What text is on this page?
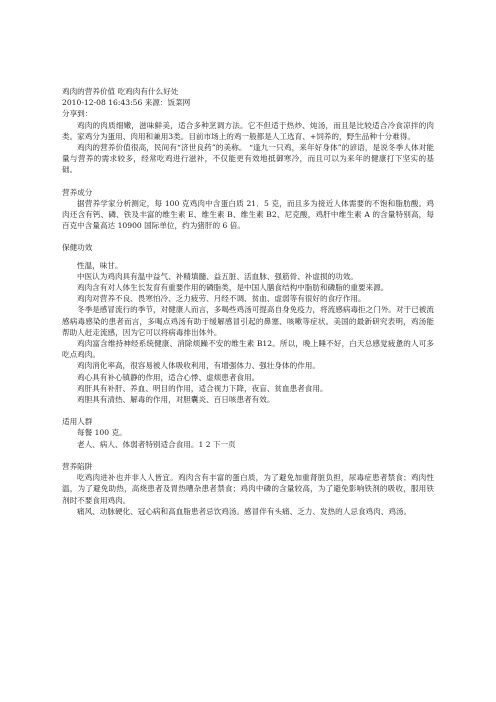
鸡肉的营养价值 吃鸡肉有什么好处

2010-12-08 16:43:56 来源：饭菜网

分享到：

鸡肉的肉质细嫩，滋味鲜美，适合多种烹调方法。它不但适于热炒、炖汤，而且是比较适合冷食凉拌的肉类。家鸡分为蛋用、肉用和兼用3类。目前市场上的鸡一般都是人工选育、+饲养的，野生品种十分难得。

鸡肉的营养价值很高，民间有“济世良药”的美称。 “逢九一只鸡，来年好身体”的谚语，是说冬季人体对能量与营养的需求较多，经常吃鸡进行滋补，不仅能更有效地抵御寒冷，而且可以为来年的健康打下坚实的基础。

营养成分

据营养学家分析测定，每 100 克鸡肉中含蛋白质 21．5 克，而且多为接近人体需要的不饱和脂肪酸。鸡肉还含有钙、磷、铁及丰富的维生素 E、维生素 B、维生素 B2、尼克酸，鸡肝中维生素 A 的含量特别高，每百克中含量高达 10900 国际单位，约为猪肝的 6 倍。

保健功效

性温，味甘。

中医认为鸡肉具有温中益气、补精填髓、益五脏、活血脉、强筋骨、补虚损的功效。

鸡肉含有对人体生长发育有重要作用的磷脂类，是中国人膳食结构中脂肪和磷脂的重要来源。

鸡肉对营养不良、畏寒怕冷、乏力疲劳、月经不调、贫血、虚弱等有很好的食疗作用。

冬季是感冒流行的季节，对健康人而言，多喝些鸡汤可提高自身免疫力，将流感病毒拒之门外。对于已被流感病毒感染的患者而言，多喝点鸡汤有助于缓解感冒引起的鼻塞、咳嗽等症状。美国的最新研究表明，鸡汤能帮助人赶走流感，因为它可以将病毒排出体外。

鸡肉富含维持神经系统健康、消除烦躁不安的维生素 B12。所以，晚上睡不好，白天总感觉疲惫的人可多吃点鸡肉。

鸡肉消化率高，很容易被人体吸收利用，有增强体力、强壮身体的作用。

鸡心具有补心镇静的作用，适合心悸、虚烦患者食用。

鸡肝具有补肝、养血、明目的作用，适合视力下降，夜盲、贫血患者食用。

鸡胆具有清热、解毒的作用，对胆囊炎、百日咳患者有效。

适用人群

每餐 100 克。

老人、病人、体弱者特别适合食用。1 2 下一页

营养陷阱

吃鸡肉进补也并非人人皆宜。鸡肉含有丰富的蛋白质，为了避免加重肾脏负担，尿毒症患者禁食；鸡肉性温，为了避免助热，高烧患者及胃热嘈杂患者禁食；鸡肉中磷的含量较高，为了避免影响铁剂的吸收，服用铁剂时不要食用鸡肉。

痛风、动脉硬化、冠心病和高血脂患者忌饮鸡汤。感冒伴有头痛、乏力、发热的人忌食鸡肉、鸡汤。
